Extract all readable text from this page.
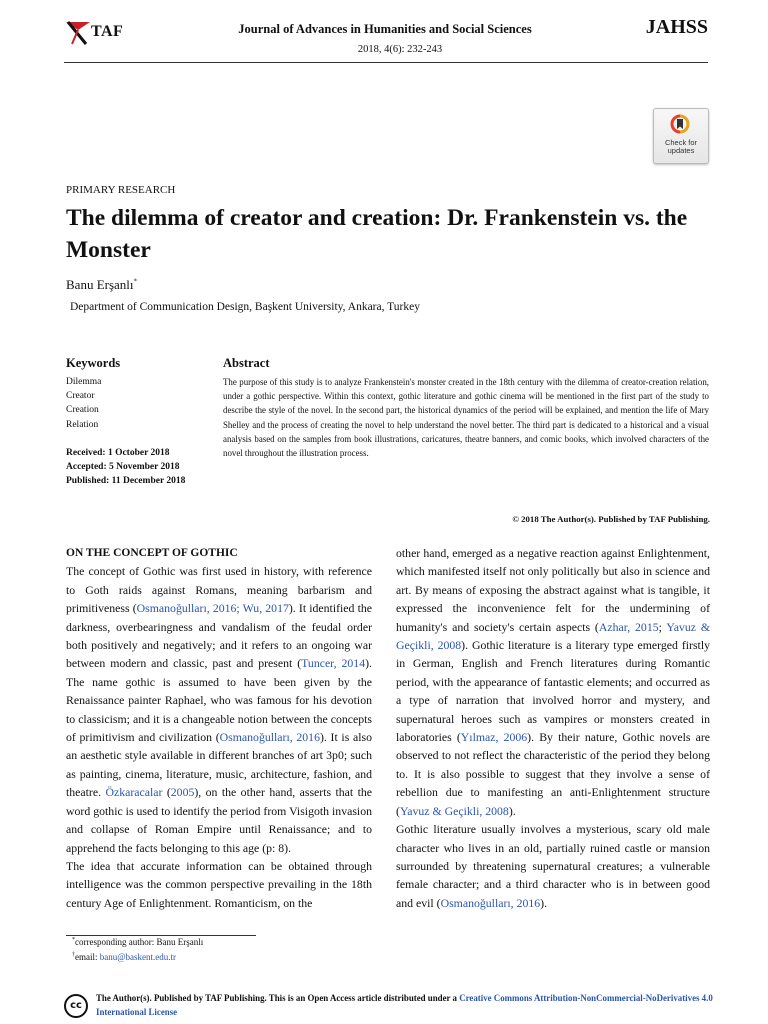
TAF	Journal of Advances in Humanities and Social Sciences
2018, 4(6): 232-243
JAHSS
Check for
updates
PRIMARY RESEARCH
The dilemma of creator and creation: Dr. Frankenstein vs. the Monster
Banu Erşanlı*
Department of Communication Design, Başkent University, Ankara, Turkey
Keywords	Abstract
Dilemma
Creator
Creation
Relation
Received: 1 October 2018
Accepted: 5 November 2018
Published: 11 December 2018
The purpose of this study is to analyze Frankenstein's monster created in the 18th century with the dilemma of creator-creation relation, under a gothic perspective. Within this context, gothic literature and gothic cinema will be mentioned in the first part of the study to describe the style of the novel. In the second part, the historical dynamics of the period will be explained, and mention the life of Mary Shelley and the process of creating the novel to help understand the novel better. The third part is dedicated to a historical and a visual analysis based on the samples from book illustrations, caricatures, theatre banners, and comic books, which involved characters of the novel throughout the illustration process.
© 2018 The Author(s). Published by TAF Publishing.
ON THE CONCEPT OF GOTHIC

The concept of Gothic was first used in history, with reference to Goth raids against Romans, meaning barbarism and primitiveness (Osmanoğulları, 2016; Wu, 2017). It identified the darkness, overbearingness and vandalism of the feudal order both positively and negatively; and it refers to an ongoing war between modern and classic, past and present (Tuncer, 2014). The name gothic is assumed to have been given by the Renaissance painter Raphael, who was famous for his devotion to classicism; and it is a changeable notion between the concepts of primitivism and civilization (Osmanoğulları, 2016). It is also an aesthetic style available in different branches of art 3p0; such as painting, cinema, literature, music, architecture, fashion, and theatre. Özkaracalar (2005), on the other hand, asserts that the word gothic is used to identify the period from Visigoth invasion and collapse of Roman Empire until Renaissance; and to apprehend the facts belonging to this age (p: 8).

The idea that accurate information can be obtained through intelligence was the common perspective prevailing in the 18th century Age of Enlightenment. Romanticism, on the

other hand, emerged as a negative reaction against Enlightenment, which manifested itself not only politically but also in science and art. By means of exposing the abstract against what is tangible, it expressed the inconvenience felt for the undermining of humanity's and society's certain aspects (Azhar, 2015; Yavuz & Geçikli, 2008). Gothic literature is a literary type emerged firstly in German, English and French literatures during Romantic period, with the appearance of fantastic elements; and occurred as a type of narration that involved horror and mystery, and supernatural heroes such as vampires or monsters created in laboratories (Yılmaz, 2006). By their nature, Gothic novels are observed to not reflect the characteristic of the period they belong to. It is also possible to suggest that they involve a sense of rebellion due to manifesting an anti-Enlightenment structure (Yavuz & Geçikli, 2008).

Gothic literature usually involves a mysterious, scary old male character who lives in an old, partially ruined castle or mansion surrounded by threatening supernatural creatures; a vulnerable female character; and a third character who is in between good and evil (Osmanoğulları, 2016).

*corresponding author: Banu Erşanlı
†email: banu@baskent.edu.tr
cc
The Author(s). Published by TAF Publishing. This is an Open Access article distributed under a Creative Commons Attribution-NonCommercial-NoDerivatives 4.0 International License
